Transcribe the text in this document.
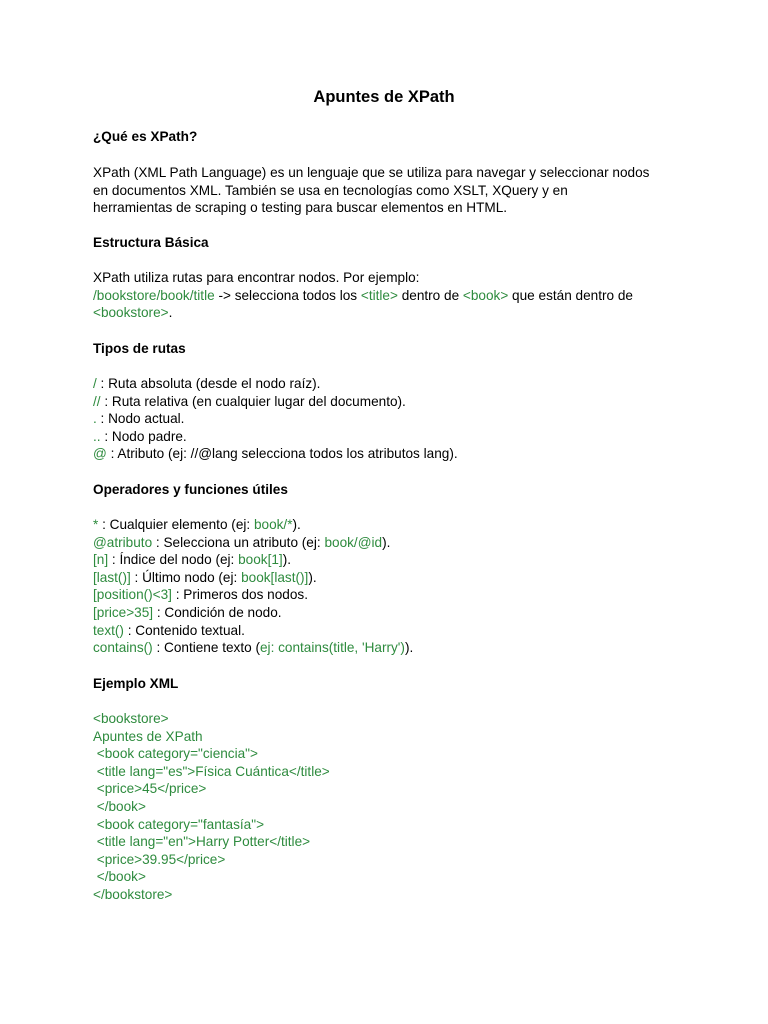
Apuntes de XPath
¿Qué es XPath?
XPath (XML Path Language) es un lenguaje que se utiliza para navegar y seleccionar nodos
en documentos XML. También se usa en tecnologías como XSLT, XQuery y en
herramientas de scraping o testing para buscar elementos en HTML.
Estructura Básica
XPath utiliza rutas para encontrar nodos. Por ejemplo:
/bookstore/book/title -> selecciona todos los <title> dentro de <book> que están dentro de
<bookstore>.
Tipos de rutas
/ : Ruta absoluta (desde el nodo raíz).
// : Ruta relativa (en cualquier lugar del documento).
. : Nodo actual.
.. : Nodo padre.
@ : Atributo (ej: //@lang selecciona todos los atributos lang).
Operadores y funciones útiles
* : Cualquier elemento (ej: book/*).
@atributo : Selecciona un atributo (ej: book/@id).
[n] : Índice del nodo (ej: book[1]).
[last()] : Último nodo (ej: book[last()]).
[position()<3] : Primeros dos nodos.
[price>35] : Condición de nodo.
text() : Contenido textual.
contains() : Contiene texto (ej: contains(title, 'Harry')).
Ejemplo XML
<bookstore>
Apuntes de XPath
<book category="ciencia">
<title lang="es">Física Cuántica</title>
<price>45</price>
</book>
<book category="fantasía">
<title lang="en">Harry Potter</title>
<price>39.95</price>
</book>
</bookstore>
